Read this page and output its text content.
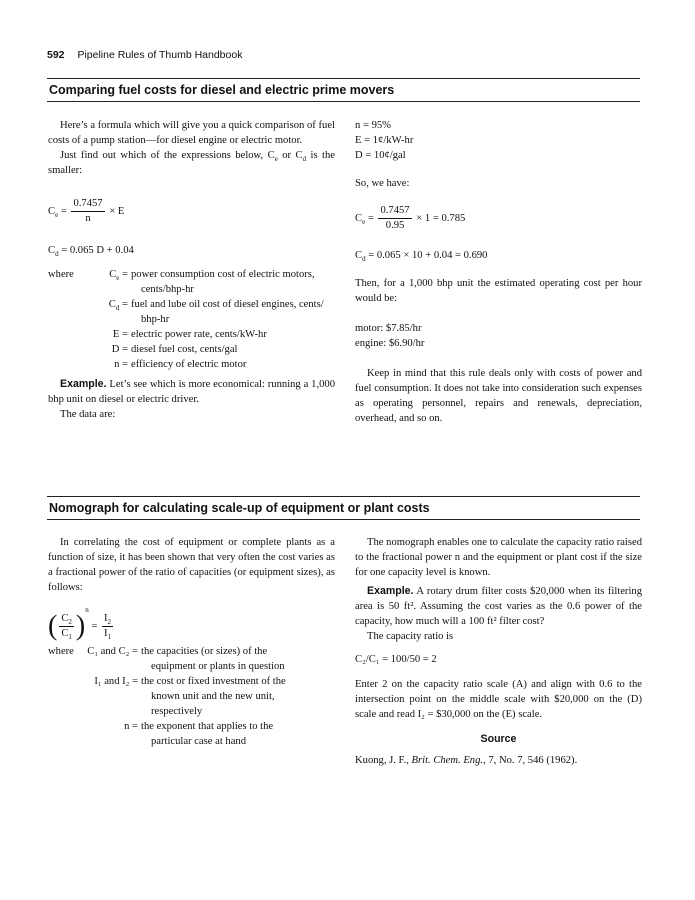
592 Pipeline Rules of Thumb Handbook
Comparing fuel costs for diesel and electric prime movers

Here’s a formula which will give you a quick comparison of fuel costs of a pump station—for diesel engine or electric motor.

Just find out which of the expressions below, $C_e$ or $C_d$ is the smaller:

$C_e = \frac{0.7457}{n} \times E$
$C_d = 0.065$ D + 0.04
where	$C_e$ = power consumption cost of electric motors,
cents/bhp-hr
$C_d$ = fuel and lube oil cost of diesel engines, cents/
bhp-hr
E = electric power rate, cents/kW-hr
D = diesel fuel cost, cents/gal
n = efficiency of electric motor

Example. Let’s see which is more economical: running a 1,000 bhp unit on diesel or electric driver.

The data are:

n = 95%
E = 1¢/kW-hr
D = 10¢/gal
So, we have:
$C_e = \frac{0.7457}{0.95} \times 1 = 0.785$
$C_d = 0.065 \times 10 + 0.04 = 0.690$

Then, for a 1,000 bhp unit the estimated operating cost per hour would be:

motor: $7.85/hr

engine: $6.90/hr

Keep in mind that this rule deals only with costs of power and fuel consumption. It does not take into consideration such expenses as operating personnel, repairs and renewals, depreciation, overhead, and so on.

Nomograph for calculating scale-up of equipment or plant costs

In correlating the cost of equipment or complete plants as a function of size, it has been shown that very often the cost varies as a fractional power of the ratio of capacities (or equipment sizes), as follows:

( $\frac{C_2}{C_1} )^n = \frac{I_2}{I_1}$
where	C₁ and C₂ = the capacities (or sizes) of the
equipment or plants in question
I₁ and I₂ = the cost or fixed investment of the
known unit and the new unit,
respectively
n = the exponent that applies to the
particular case at hand

The nomograph enables one to calculate the capacity ratio raised to the fractional power n and the equipment or plant cost if the size for one capacity level is known.

Example. A rotary drum filter costs $20,000 when its filtering area is 50 ft². Assuming the cost varies as the 0.6 power of the capacity, how much will a 100 ft² filter cost?

The capacity ratio is

C₂/C₁ = 100/50 = 2

Enter 2 on the capacity ratio scale (A) and align with 0.6 to the intersection point on the middle scale with $20,000 on the (D) scale and read I₂ = $30,000 on the (E) scale.

Source

Kuong, J. F., Brit. Chem. Eng., 7, No. 7, 546 (1962).
